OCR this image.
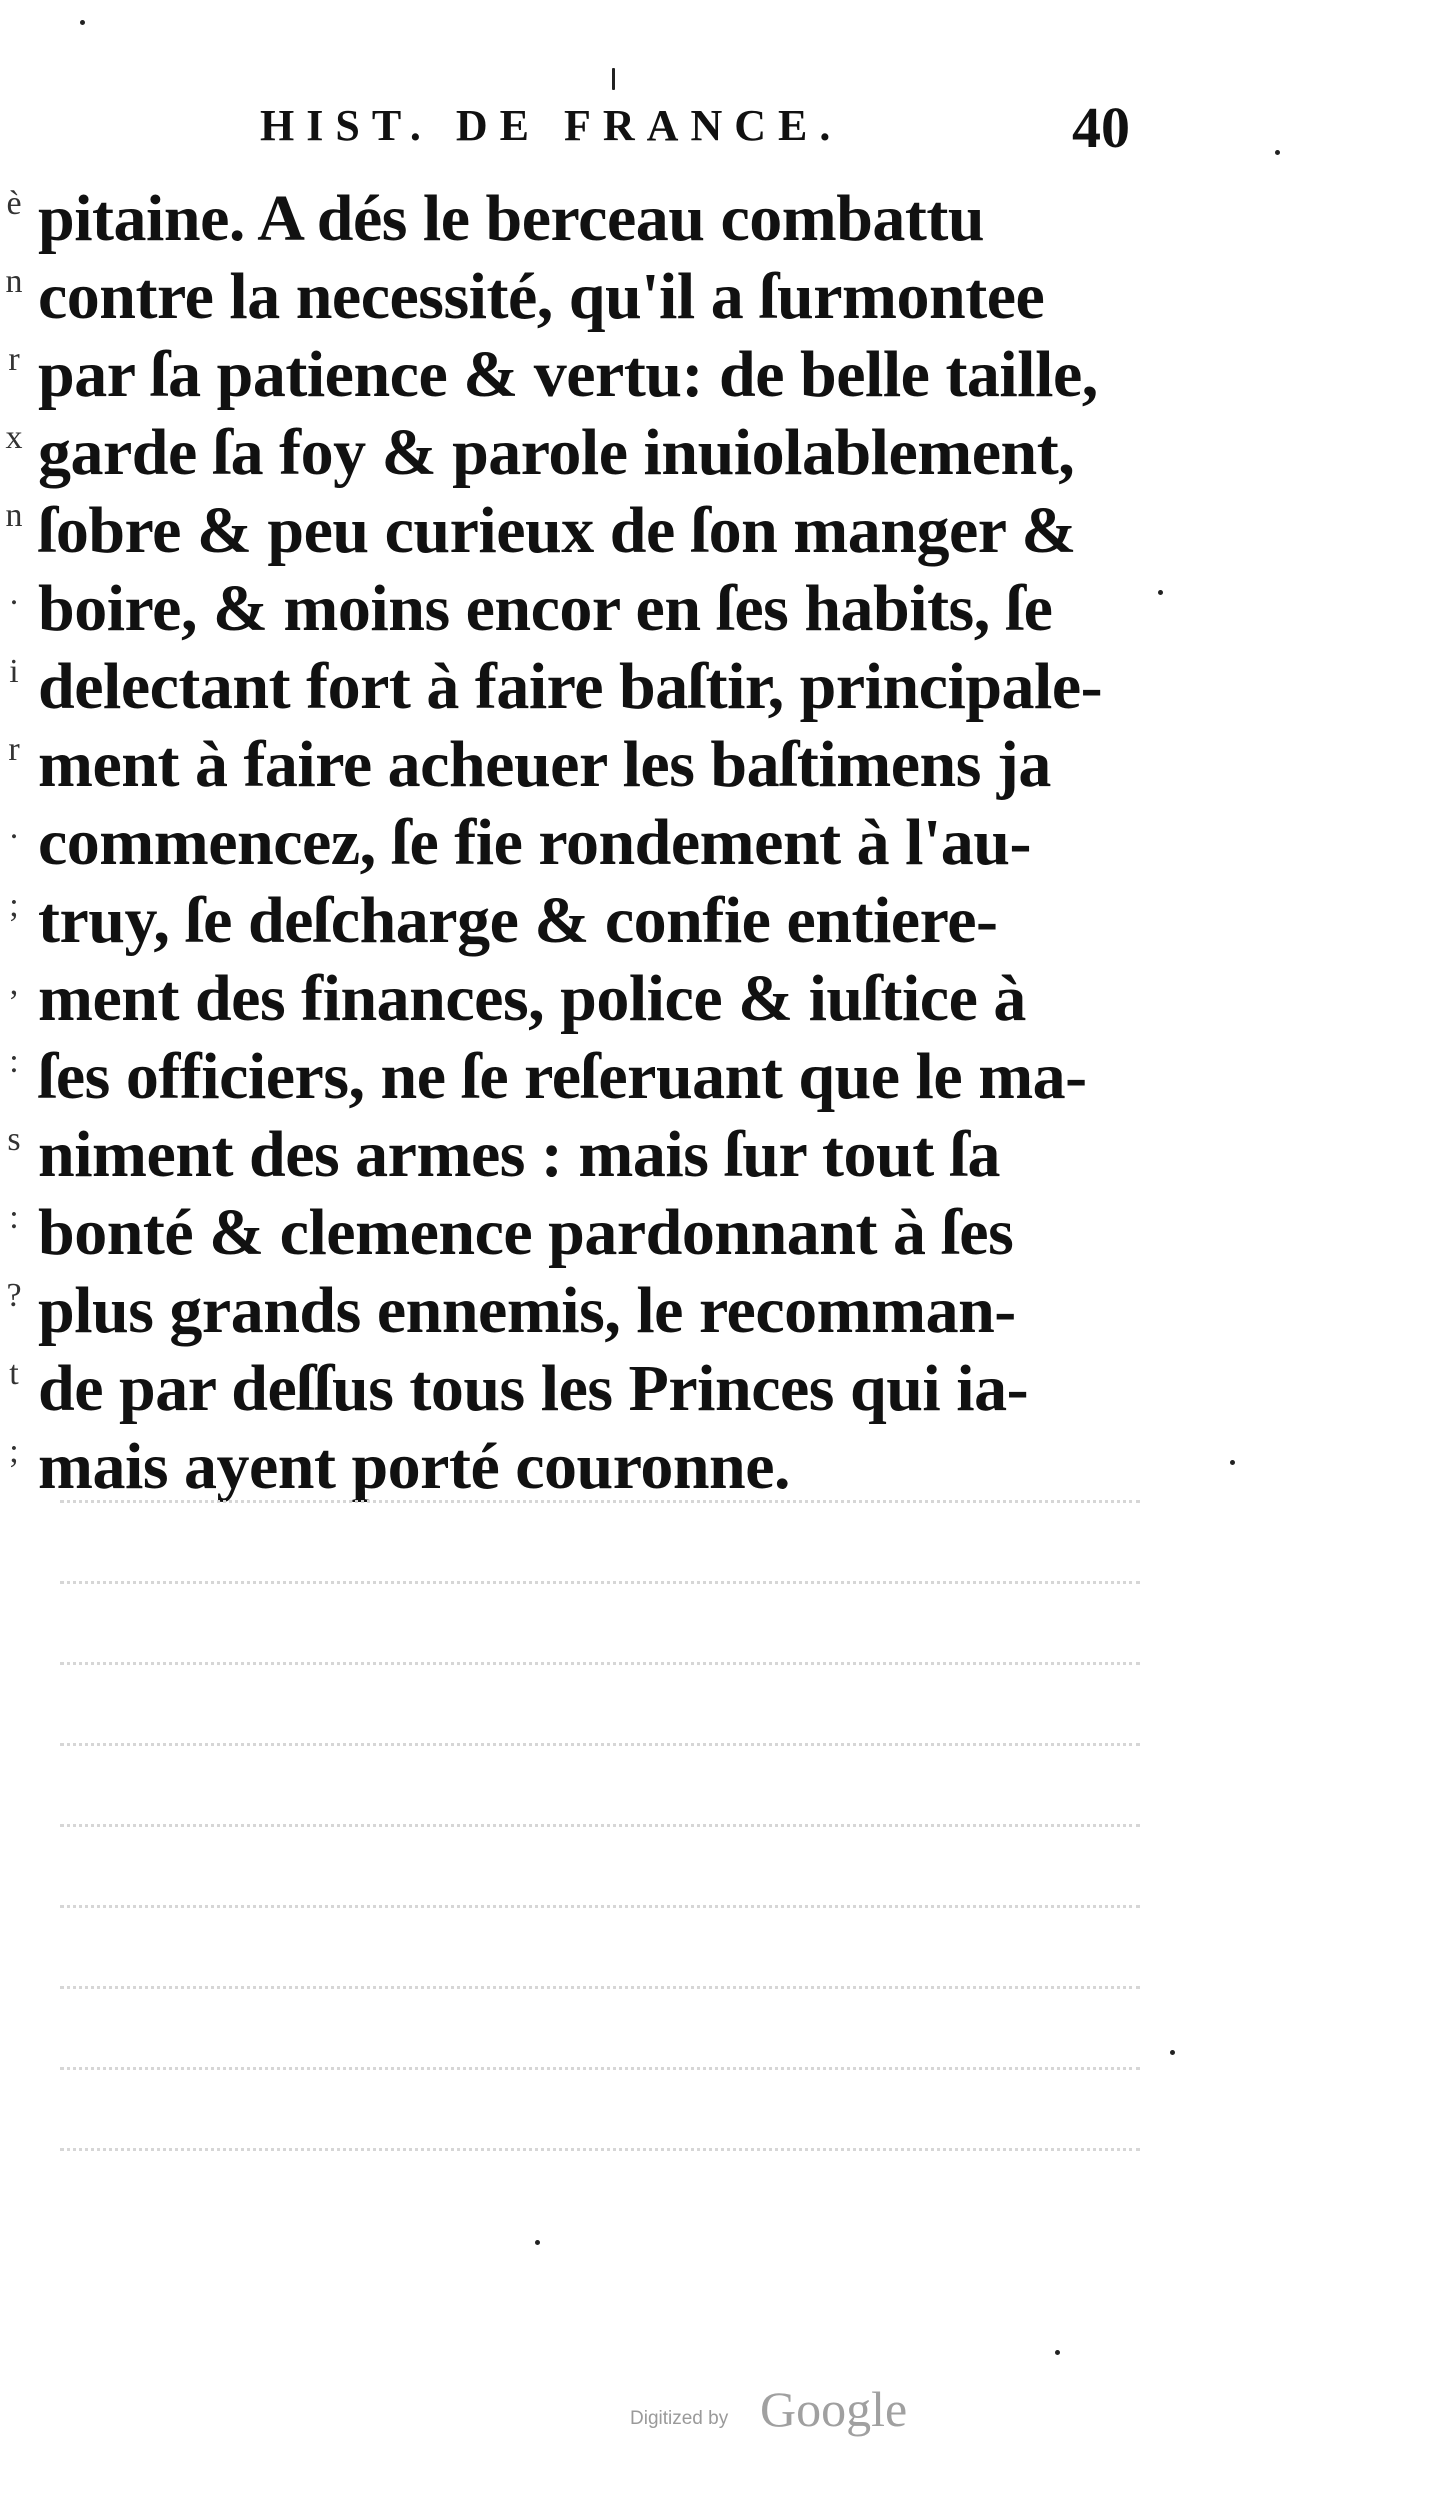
HIST. DE FRANCE.	40
è
n
r
x
n
.
i
r
.
;
,
:
s
:
?
t
;
pitaine. A dés le berceau combattu
contre la necessité, qu'il a ſurmontee
par ſa patience & vertu: de belle taille,
garde ſa foy & parole inuiolablement,
ſobre & peu curieux de ſon manger &
boire, & moins encor en ſes habits, ſe
delectant fort à faire baſtir, principale-
ment à faire acheuer les baſtimens ja
commencez, ſe fie rondement à l'au-
truy, ſe deſcharge & confie entiere-
ment des finances, police & iuſtice à
ſes officiers, ne ſe reſeruant que le ma-
niment des armes : mais ſur tout ſa
bonté & clemence pardonnant à ſes
plus grands ennemis, le recomman-
de par deſſus tous les Princes qui ia-
mais ayent porté couronne.
Digitized by Google
